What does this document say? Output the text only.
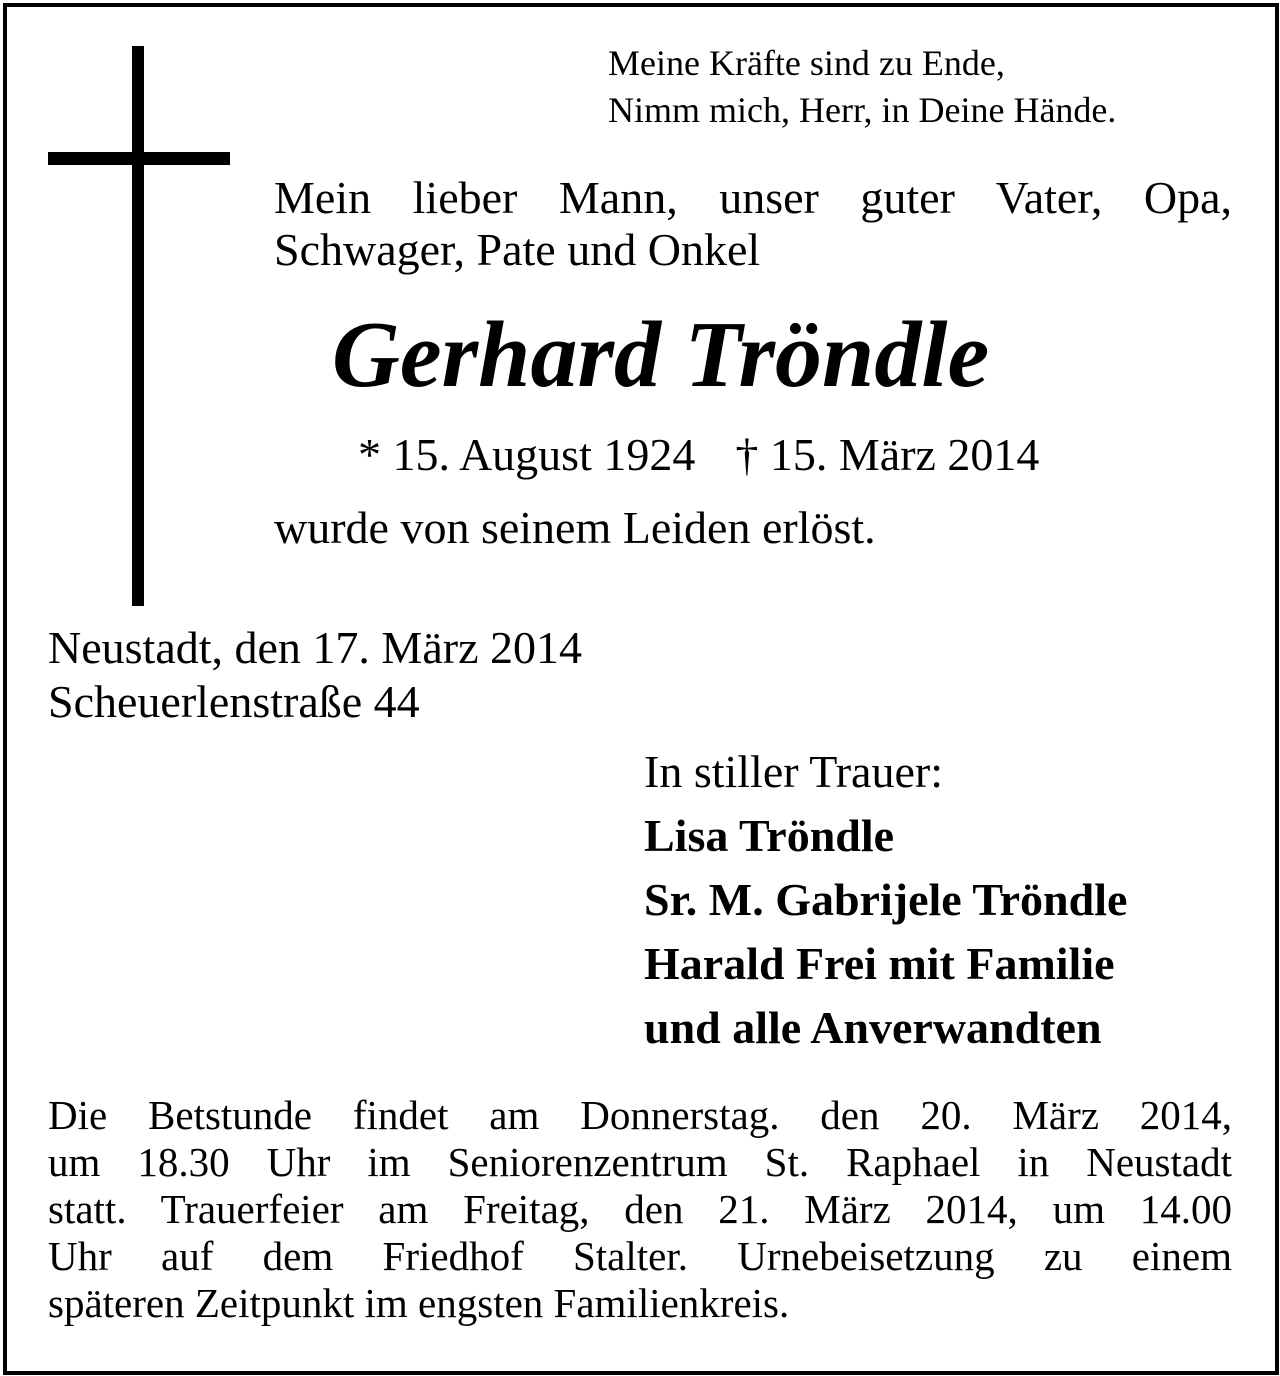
Meine Kräfte sind zu Ende,
Nimm mich, Herr, in Deine Hände.
Mein lieber Mann, unser guter Vater, Opa,
Schwager, Pate und Onkel
Gerhard Tröndle
* 15. August 1924 † 15. März 2014
wurde von seinem Leiden erlöst.
Neustadt, den 17. März 2014
Scheuerlenstraße 44
In stiller Trauer:
Lisa Tröndle
Sr. M. Gabrijele Tröndle
Harald Frei mit Familie
und alle Anverwandten
Die Betstunde findet am Donnerstag. den 20. März 2014,
um 18.30 Uhr im Seniorenzentrum St. Raphael in Neustadt
statt. Trauerfeier am Freitag, den 21. März 2014, um 14.00
Uhr auf dem Friedhof Stalter. Urnebeisetzung zu einem
späteren Zeitpunkt im engsten Familienkreis.
